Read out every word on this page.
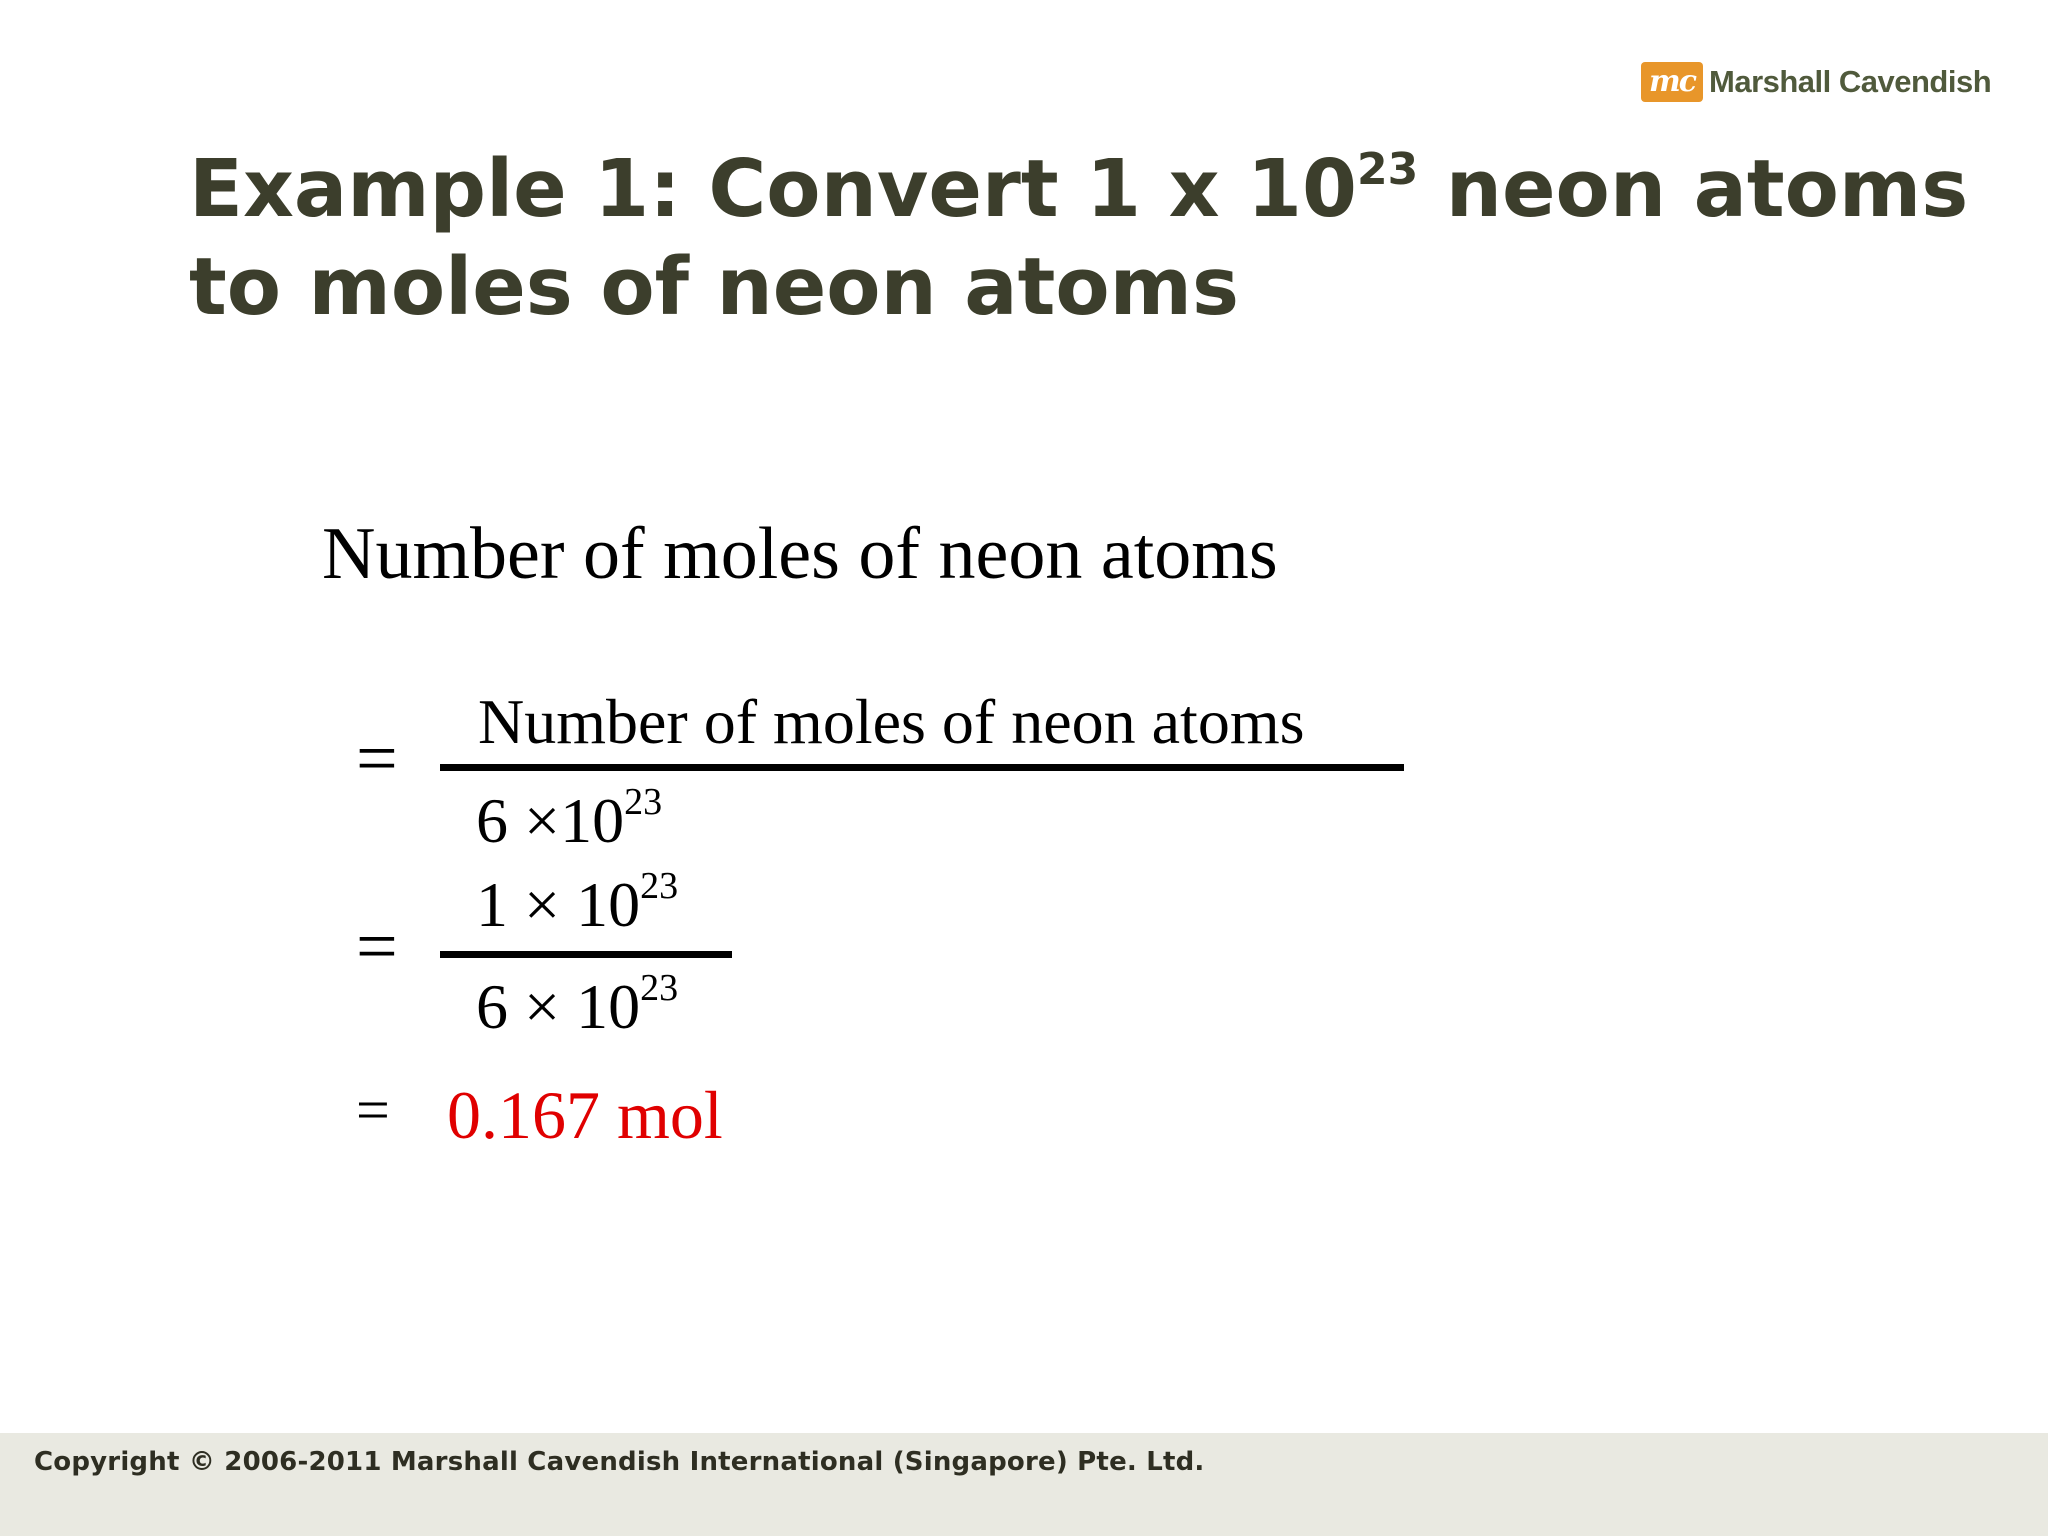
mc Marshall Cavendish
Example 1: Convert 1 x $10^{23}$ neon atoms
to moles of neon atoms
Number of moles of neon atoms
= Number of moles of neon atoms
$6 \times 10^{23}$
=
$1 \times 10^{23}$
$6 \times 10^{23}$
= 0.167 mol
Copyright © 2006-2011 Marshall Cavendish International (Singapore) Pte. Ltd.
